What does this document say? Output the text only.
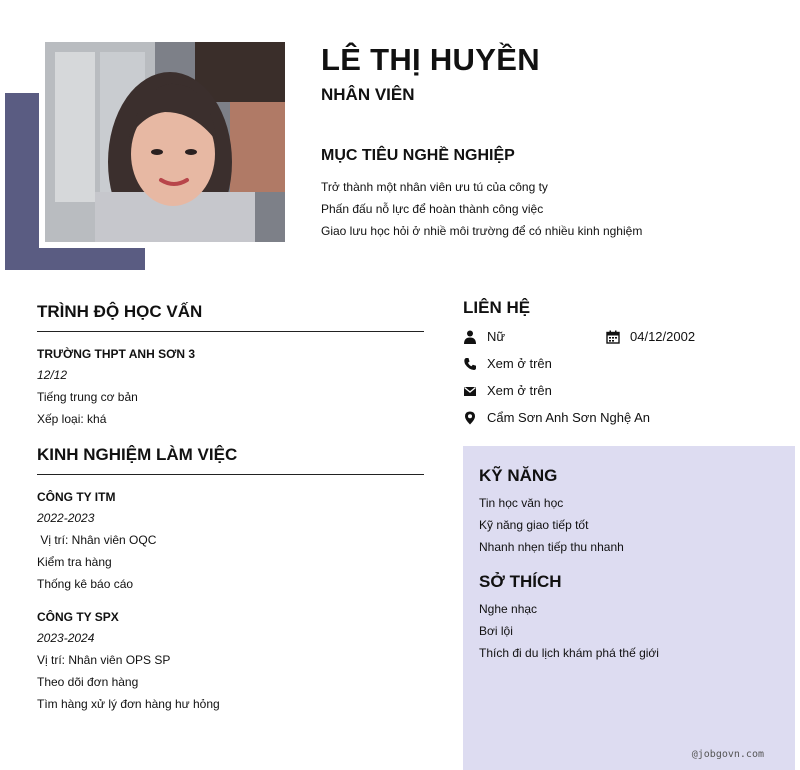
LÊ THỊ HUYỀN
NHÂN VIÊN
MỤC TIÊU NGHỀ NGHIỆP
Trở thành một nhân viên ưu tú của công ty
Phấn đấu nỗ lực để hoàn thành công việc
Giao lưu học hỏi ở nhiề môi trường để có nhiều kinh nghiệm
TRÌNH ĐỘ HỌC VẤN
TRƯỜNG THPT ANH SƠN 3
12/12
Tiếng trung cơ bản
Xếp loại: khá
KINH NGHIỆM LÀM VIỆC
CÔNG TY ITM
2022-2023
Vị trí: Nhân viên OQC
Kiểm tra hàng
Thống kê báo cáo
CÔNG TY SPX
2023-2024
Vị trí: Nhân viên OPS SP
Theo dõi đơn hàng
Tìm hàng xử lý đơn hàng hư hỏng
LIÊN HỆ
Nữ	04/12/2002
Xem ở trên
Xem ở trên
Cẩm Sơn Anh Sơn Nghệ An
KỸ NĂNG
Tin học văn học
Kỹ năng giao tiếp tốt
Nhanh nhẹn tiếp thu nhanh
SỞ THÍCH
Nghe nhạc
Bơi lội
Thích đi du lịch khám phá thế giới
@jobgovn.com
